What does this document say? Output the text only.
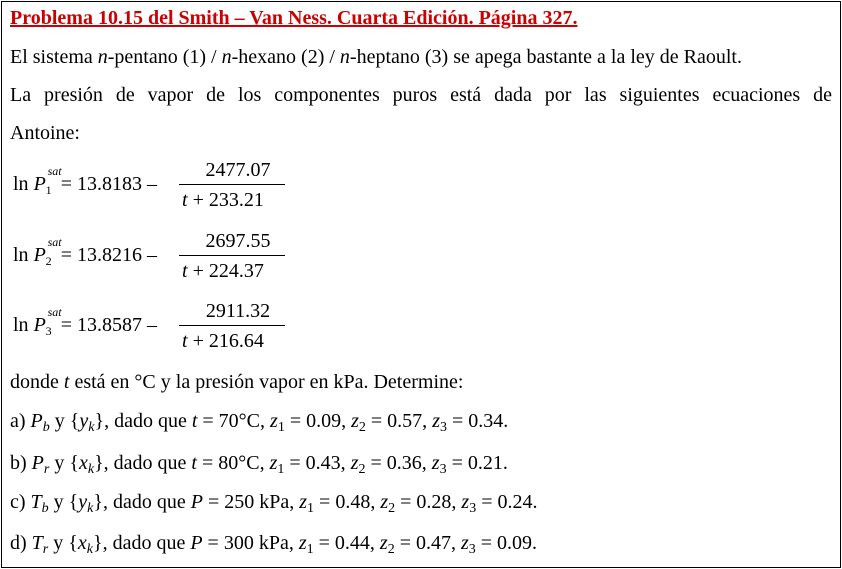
Problema 10.15 del Smith – Van Ness. Cuarta Edición. Página 327.
El sistema n-pentano (1) / n-hexano (2) / n-heptano (3) se apega bastante a la ley de Raoult.
La presión de vapor de los componentes puros está dada por las siguientes ecuaciones de
Antoine:
ln P
sat
1 = 13.8183 –
2477.07
t + 233.21
ln P
sat
2 = 13.8216 –
2697.55
t + 224.37
ln P
sat
3 = 13.8587 –
2911.32
t + 216.64
donde t está en °C y la presión vapor en kPa. Determine:
a) $P_b$ y $\{y_k\}$, dado que t = 70°C, $z_1 = 0.09$, $z_2 = 0.57$, $z_3 = 0.34$.
b) $P_r$ y $\{x_k\}$, dado que t = 80°C, $z_1 = 0.43$, $z_2 = 0.36$, $z_3 = 0.21$.
c) $T_b$ y $\{y_k\}$, dado que P = 250 kPa, $z_1 = 0.48$, $z_2 = 0.28$, $z_3 = 0.24$.
d) $T_r$ y $\{x_k\}$, dado que P = 300 kPa, $z_1 = 0.44$, $z_2 = 0.47$, $z_3 = 0.09$.
